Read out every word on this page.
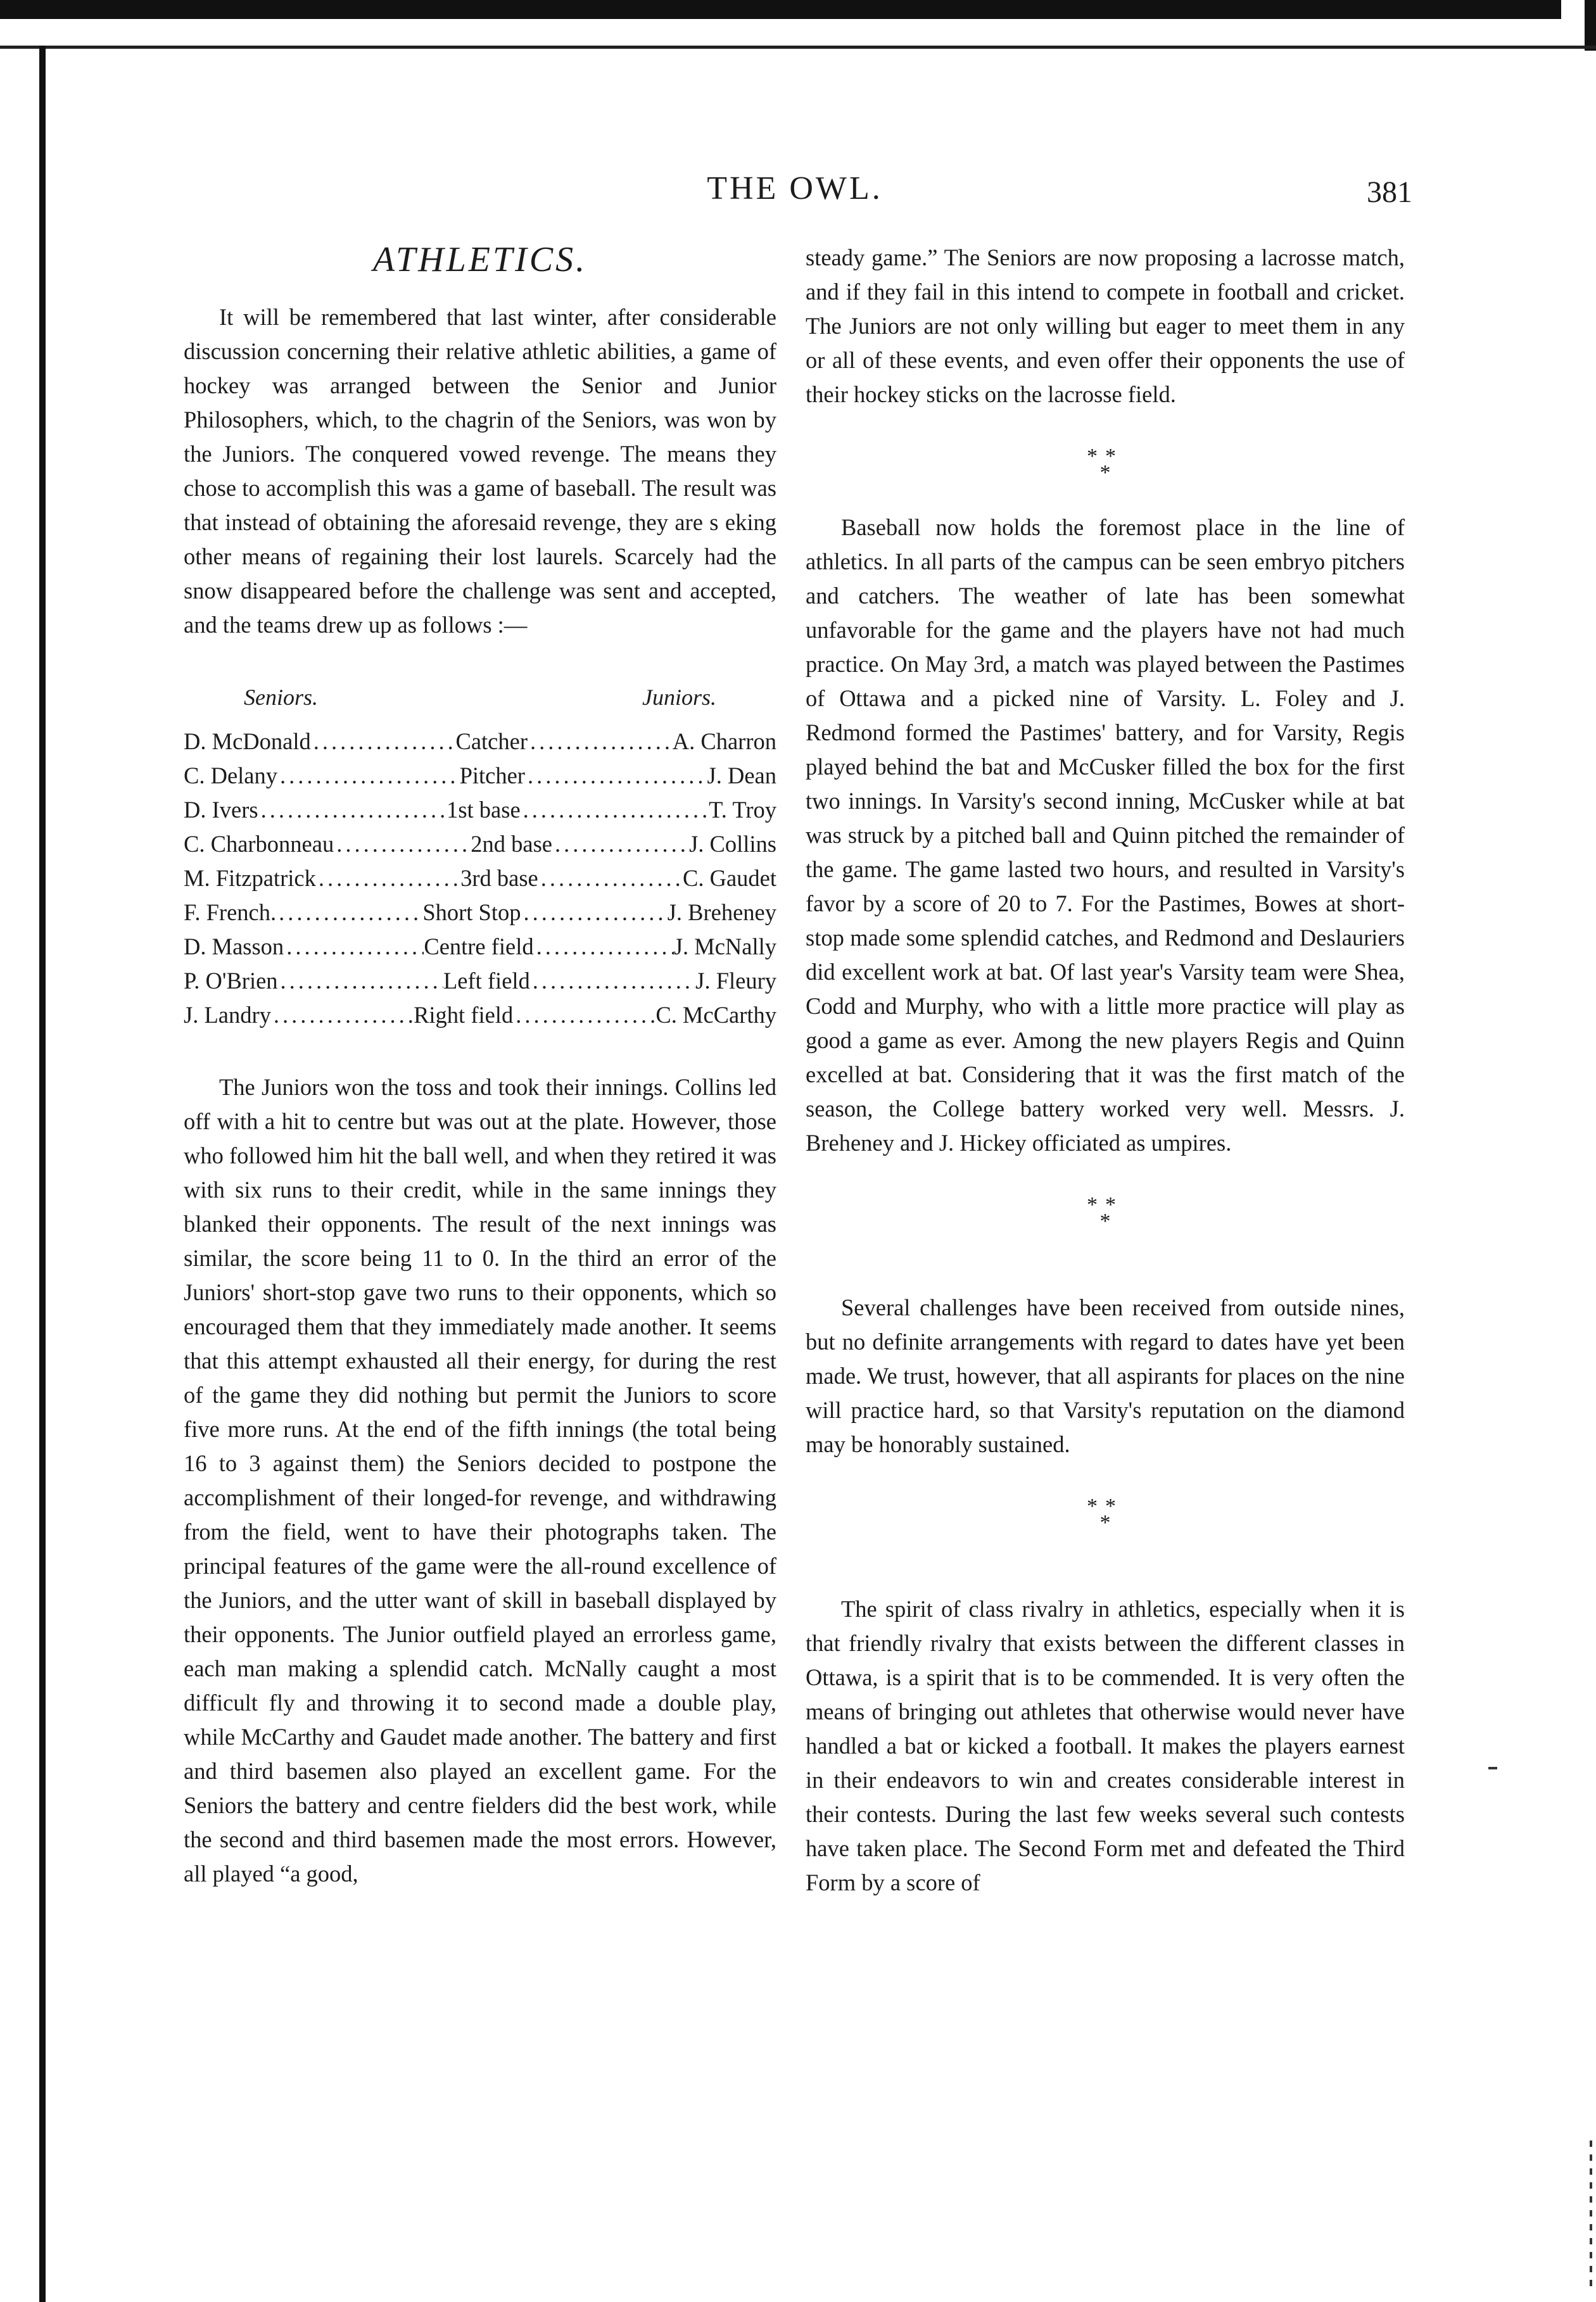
THE OWL.	381
ATHLETICS.

It will be remembered that last winter, after considerable discussion concerning their relative athletic abilities, a game of hockey was arranged between the Senior and Junior Philosophers, which, to the chagrin of the Seniors, was won by the Juniors. The conquered vowed revenge. The means they chose to accomplish this was a game of baseball. The result was that instead of obtaining the aforesaid revenge, they are s eking other means of regaining their lost laurels. Scarcely had the snow disappeared before the challenge was sent and accepted, and the teams drew up as follows :—

Seniors.	Juniors.
D. McDonald .....	Catcher .....	A. Charron
C. Delany .....	Pitcher .....	J. Dean
D. Ivers .....	1st base .....	T. Troy
C. Charbonneau .....	2nd base .....	J. Collins
M. Fitzpatrick .....	3rd base .....	C. Gaudet
F. French. .....	Short Stop .....	J. Breheney
D. Masson .....	Centre field .....	J. McNally
P. O'Brien .....	Left field .....	J. Fleury
J. Landry .....	Right field .....	C. McCarthy

The Juniors won the toss and took their innings. Collins led off with a hit to centre but was out at the plate. However, those who followed him hit the ball well, and when they retired it was with six runs to their credit, while in the same innings they blanked their opponents. The result of the next innings was similar, the score being 11 to 0. In the third an error of the Juniors' short-stop gave two runs to their opponents, which so encouraged them that they immediately made another. It seems that this attempt exhausted all their energy, for during the rest of the game they did nothing but permit the Juniors to score five more runs. At the end of the fifth innings (the total being 16 to 3 against them) the Seniors decided to postpone the accomplishment of their longed-for revenge, and withdrawing from the field, went to have their photographs taken. The principal features of the game were the all-round excellence of the Juniors, and the utter want of skill in baseball displayed by their opponents. The Junior outfield played an errorless game, each man making a splendid catch. McNally caught a most difficult fly and throwing it to second made a double play, while McCarthy and Gaudet made another. The battery and first and third basemen also played an excellent game. For the Seniors the battery and centre fielders did the best work, while the second and third basemen made the most errors. However, all played “a good,

steady game.” The Seniors are now proposing a lacrosse match, and if they fail in this intend to compete in football and cricket. The Juniors are not only willing but eager to meet them in any or all of these events, and even offer their opponents the use of their hockey sticks on the lacrosse field.

**
*

Baseball now holds the foremost place in the line of athletics. In all parts of the campus can be seen embryo pitchers and catchers. The weather of late has been somewhat unfavorable for the game and the players have not had much practice. On May 3rd, a match was played between the Pastimes of Ottawa and a picked nine of Varsity. L. Foley and J. Redmond formed the Pastimes' battery, and for Varsity, Regis played behind the bat and McCusker filled the box for the first two innings. In Varsity's second inning, McCusker while at bat was struck by a pitched ball and Quinn pitched the remainder of the game. The game lasted two hours, and resulted in Varsity's favor by a score of 20 to 7. For the Pastimes, Bowes at short-stop made some splendid catches, and Redmond and Deslauriers did excellent work at bat. Of last year's Varsity team were Shea, Codd and Murphy, who with a little more practice will play as good a game as ever. Among the new players Regis and Quinn excelled at bat. Considering that it was the first match of the season, the College battery worked very well. Messrs. J. Breheney and J. Hickey officiated as umpires.

**
*

Several challenges have been received from outside nines, but no definite arrangements with regard to dates have yet been made. We trust, however, that all aspirants for places on the nine will practice hard, so that Varsity's reputation on the diamond may be honorably sustained.

**
*

The spirit of class rivalry in athletics, especially when it is that friendly rivalry that exists between the different classes in Ottawa, is a spirit that is to be commended. It is very often the means of bringing out athletes that otherwise would never have handled a bat or kicked a football. It makes the players earnest in their endeavors to win and creates considerable interest in their contests. During the last few weeks several such contests have taken place. The Second Form met and defeated the Third Form by a score of
